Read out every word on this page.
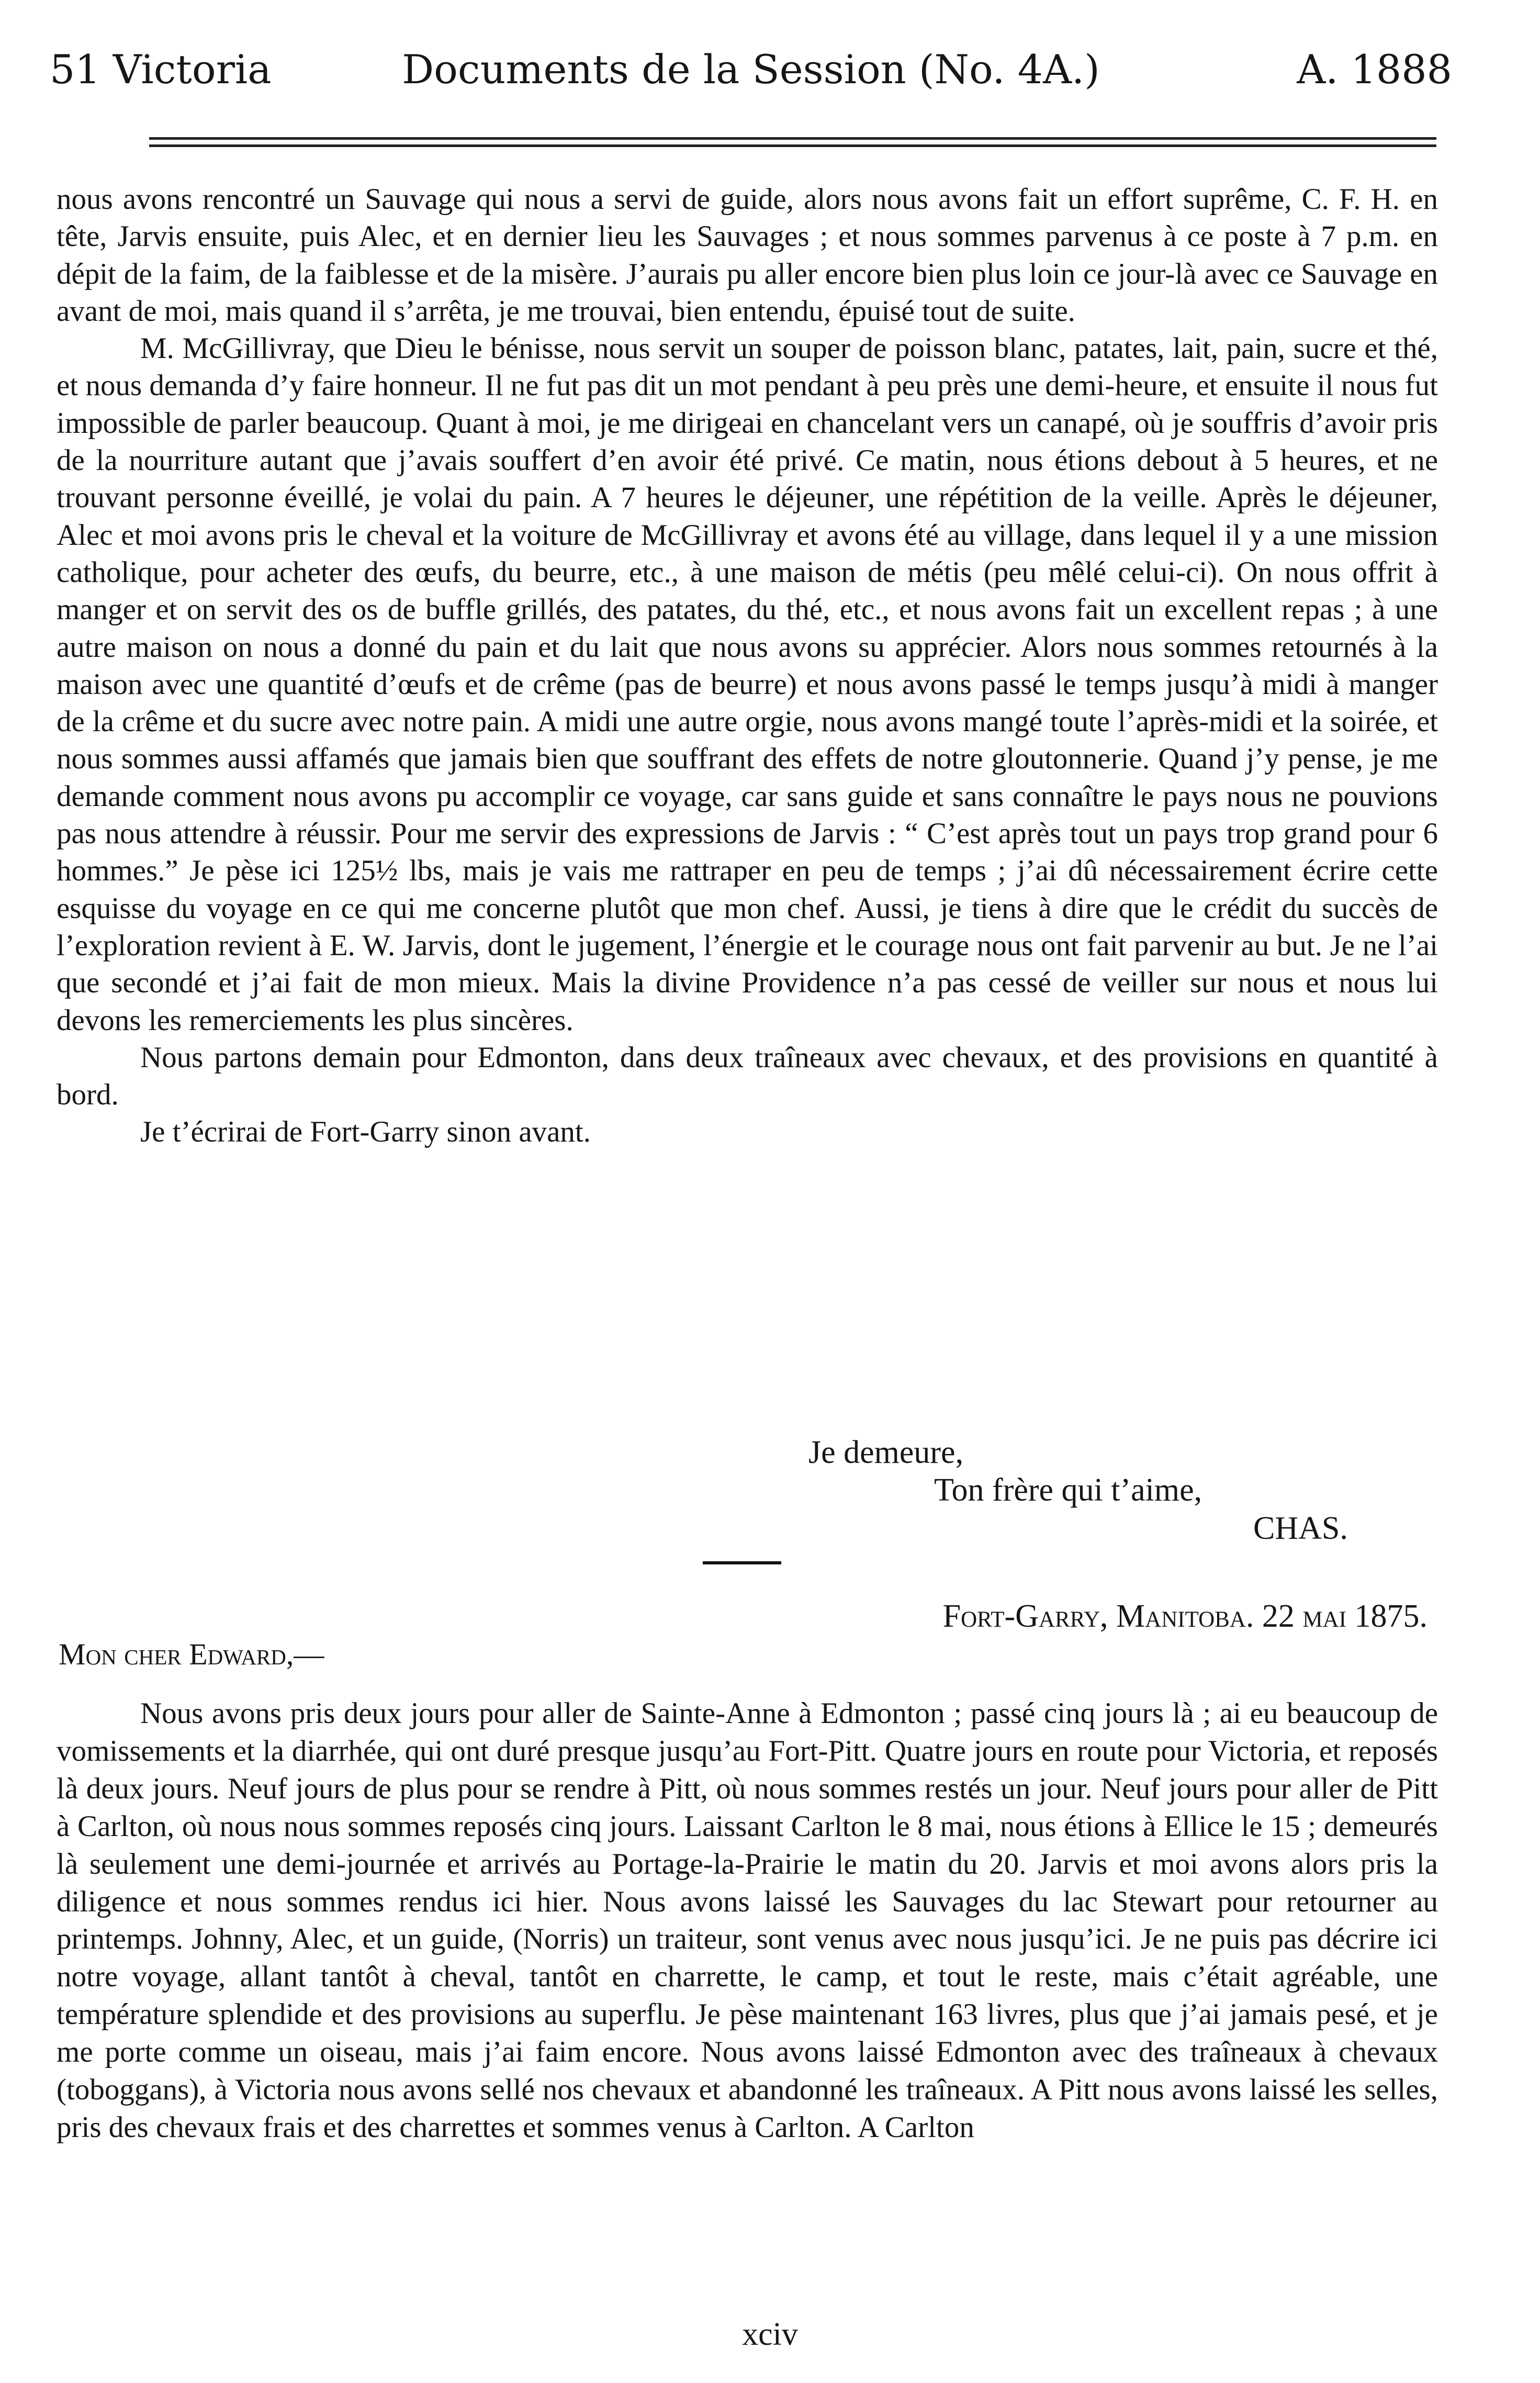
51 Victoria	Documents de la Session (No. 4A.)	A. 1888

nous avons rencontré un Sauvage qui nous a servi de guide, alors nous avons fait un effort suprême, C. F. H. en tête, Jarvis ensuite, puis Alec, et en dernier lieu les Sauvages ; et nous sommes parvenus à ce poste à 7 p.m. en dépit de la faim, de la faiblesse et de la misère. J’aurais pu aller encore bien plus loin ce jour-là avec ce Sauvage en avant de moi, mais quand il s’arrêta, je me trouvai, bien entendu, épuisé tout de suite.

M. McGillivray, que Dieu le bénisse, nous servit un souper de poisson blanc, patates, lait, pain, sucre et thé, et nous demanda d’y faire honneur. Il ne fut pas dit un mot pendant à peu près une demi-heure, et ensuite il nous fut impossible de parler beaucoup. Quant à moi, je me dirigeai en chancelant vers un canapé, où je souffris d’avoir pris de la nourriture autant que j’avais souffert d’en avoir été privé. Ce matin, nous étions debout à 5 heures, et ne trouvant personne éveillé, je volai du pain. A 7 heures le déjeuner, une répétition de la veille. Après le déjeuner, Alec et moi avons pris le cheval et la voiture de McGillivray et avons été au village, dans lequel il y a une mission catholique, pour acheter des œufs, du beurre, etc., à une maison de métis (peu mêlé celui-ci). On nous offrit à manger et on servit des os de buffle grillés, des patates, du thé, etc., et nous avons fait un excellent repas ; à une autre maison on nous a donné du pain et du lait que nous avons su apprécier. Alors nous sommes retournés à la maison avec une quantité d’œufs et de crême (pas de beurre) et nous avons passé le temps jusqu’à midi à manger de la crême et du sucre avec notre pain. A midi une autre orgie, nous avons mangé toute l’après-midi et la soirée, et nous sommes aussi affamés que jamais bien que souffrant des effets de notre gloutonnerie. Quand j’y pense, je me demande comment nous avons pu accomplir ce voyage, car sans guide et sans connaître le pays nous ne pouvions pas nous attendre à réussir. Pour me servir des expressions de Jarvis : “ C’est après tout un pays trop grand pour 6 hommes.” Je pèse ici 125½ lbs, mais je vais me rattraper en peu de temps ; j’ai dû nécessairement écrire cette esquisse du voyage en ce qui me concerne plutôt que mon chef. Aussi, je tiens à dire que le crédit du succès de l’exploration revient à E. W. Jarvis, dont le jugement, l’énergie et le courage nous ont fait parvenir au but. Je ne l’ai que secondé et j’ai fait de mon mieux. Mais la divine Providence n’a pas cessé de veiller sur nous et nous lui devons les remerciements les plus sincères.

Nous partons demain pour Edmonton, dans deux traîneaux avec chevaux, et des provisions en quantité à bord.

Je t’écrirai de Fort-Garry sinon avant.

Je demeure,
Ton frère qui t’aime,
CHAS.
Fort-Garry, Manitoba. 22 mai 1875.
Mon cher Edward,—

Nous avons pris deux jours pour aller de Sainte-Anne à Edmonton ; passé cinq jours là ; ai eu beaucoup de vomissements et la diarrhée, qui ont duré presque jusqu’au Fort-Pitt. Quatre jours en route pour Victoria, et reposés là deux jours. Neuf jours de plus pour se rendre à Pitt, où nous sommes restés un jour. Neuf jours pour aller de Pitt à Carlton, où nous nous sommes reposés cinq jours. Laissant Carlton le 8 mai, nous étions à Ellice le 15 ; demeurés là seulement une demi-journée et arrivés au Portage-la-Prairie le matin du 20. Jarvis et moi avons alors pris la diligence et nous sommes rendus ici hier. Nous avons laissé les Sauvages du lac Stewart pour retourner au printemps. Johnny, Alec, et un guide, (Norris) un traiteur, sont venus avec nous jusqu’ici. Je ne puis pas décrire ici notre voyage, allant tantôt à cheval, tantôt en charrette, le camp, et tout le reste, mais c’était agréable, une température splendide et des provisions au superflu. Je pèse maintenant 163 livres, plus que j’ai jamais pesé, et je me porte comme un oiseau, mais j’ai faim encore. Nous avons laissé Edmonton avec des traîneaux à chevaux (toboggans), à Victoria nous avons sellé nos chevaux et abandonné les traîneaux. A Pitt nous avons laissé les selles, pris des chevaux frais et des charrettes et sommes venus à Carlton. A Carlton

xciv
